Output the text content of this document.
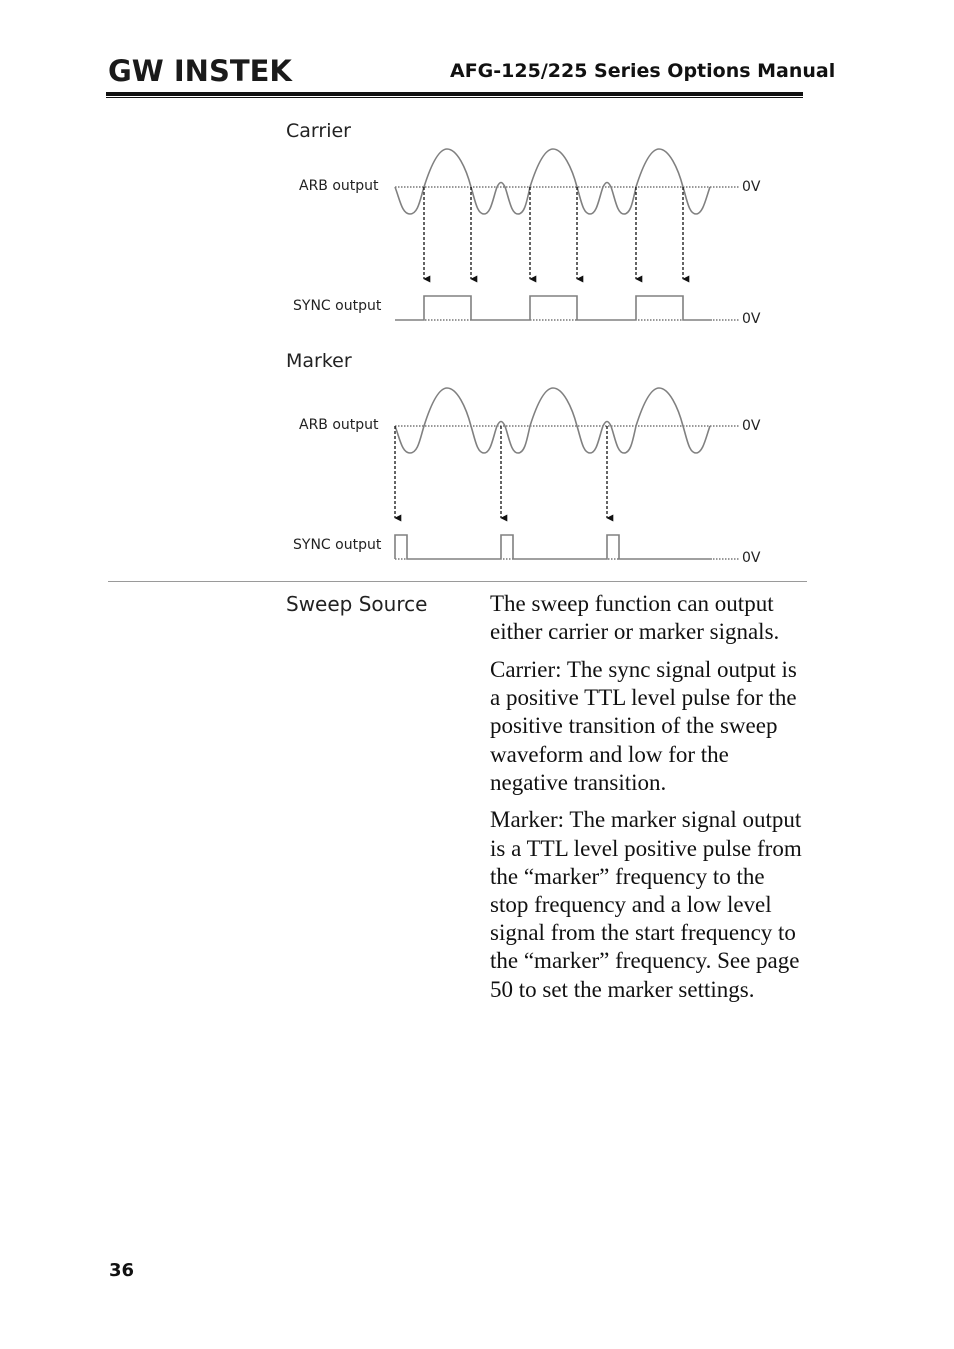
GW INSTEK	AFG-125/225 Series Options Manual
Carrier
ARB output
SYNC output
0V
0V
Marker
ARB output
SYNC output
0V
0V
Sweep Source	The sweep function can output either carrier or marker signals.

Carrier: The sync signal output is a positive TTL level pulse for the positive transition of the sweep waveform and low for the negative transition.

Marker: The marker signal output is a TTL level positive pulse from the “marker” frequency to the stop frequency and a low level signal from the start frequency to the “marker” frequency. See page 50 to set the marker settings.

36
